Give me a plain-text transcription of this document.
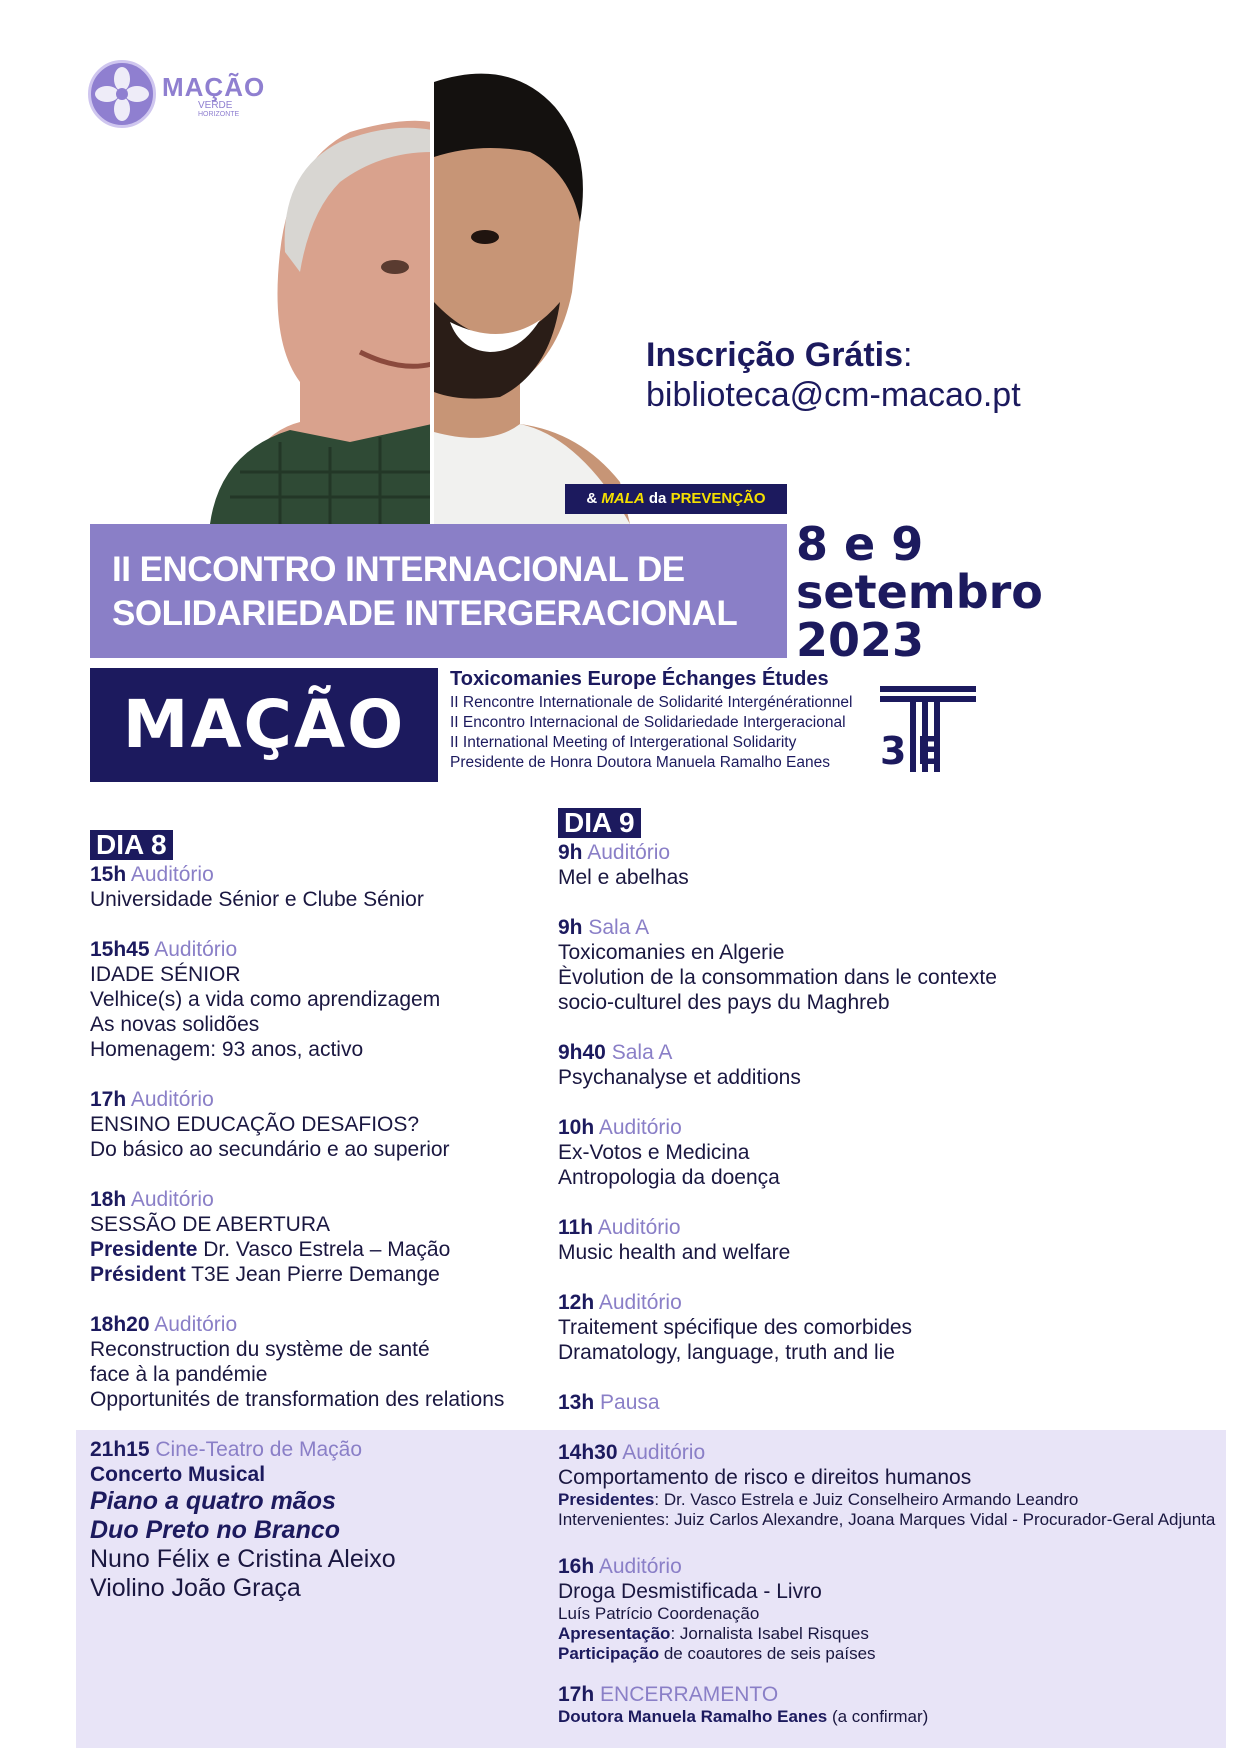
MAÇÃO
VERDE
HORIZONTE
Inscrição Grátis:
biblioteca@cm-macao.pt
& MALA da PREVENÇÃO
II ENCONTRO INTERNACIONAL DE
SOLIDARIEDADE INTERGERACIONAL
8 e 9
setembro
2023
MAÇÃO
Toxicomanies Europe Échanges Études
II Rencontre Internationale de Solidarité Intergénérationnel
II Encontro Internacional de Solidariedade Intergeracional
II International Meeting of Intergerational Solidarity
Presidente de Honra Doutora Manuela Ramalho Eanes	3E
DIA 8
15h Auditório
Universidade Sénior e Clube Sénior
15h45 Auditório
IDADE SÉNIOR
Velhice(s) a vida como aprendizagem
As novas solidões
Homenagem: 93 anos, activo
17h Auditório
ENSINO EDUCAÇÃO DESAFIOS?
Do básico ao secundário e ao superior
18h Auditório
SESSÃO DE ABERTURA
Presidente Dr. Vasco Estrela – Mação
Président T3E Jean Pierre Demange
18h20 Auditório
Reconstruction du système de santé
face à la pandémie
Opportunités de transformation des relations
21h15 Cine-Teatro de Mação
Concerto Musical
Piano a quatro mãos
Duo Preto no Branco
Nuno Félix e Cristina Aleixo
Violino João Graça
DIA 9
9h Auditório
Mel e abelhas
9h Sala A
Toxicomanies en Algerie
Èvolution de la consommation dans le contexte
socio-culturel des pays du Maghreb
9h40 Sala A
Psychanalyse et additions
10h Auditório
Ex-Votos e Medicina
Antropologia da doença
11h Auditório
Music health and welfare
12h Auditório
Traitement spécifique des comorbides
Dramatology, language, truth and lie
13h Pausa
14h30 Auditório
Comportamento de risco e direitos humanos
Presidentes: Dr. Vasco Estrela e Juiz Conselheiro Armando Leandro
Intervenientes: Juiz Carlos Alexandre, Joana Marques Vidal - Procurador-Geral Adjunta
16h Auditório
Droga Desmistificada - Livro
Luís Patrício Coordenação
Apresentação: Jornalista Isabel Risques
Participação de coautores de seis países
17h ENCERRAMENTO
Doutora Manuela Ramalho Eanes (a confirmar)
